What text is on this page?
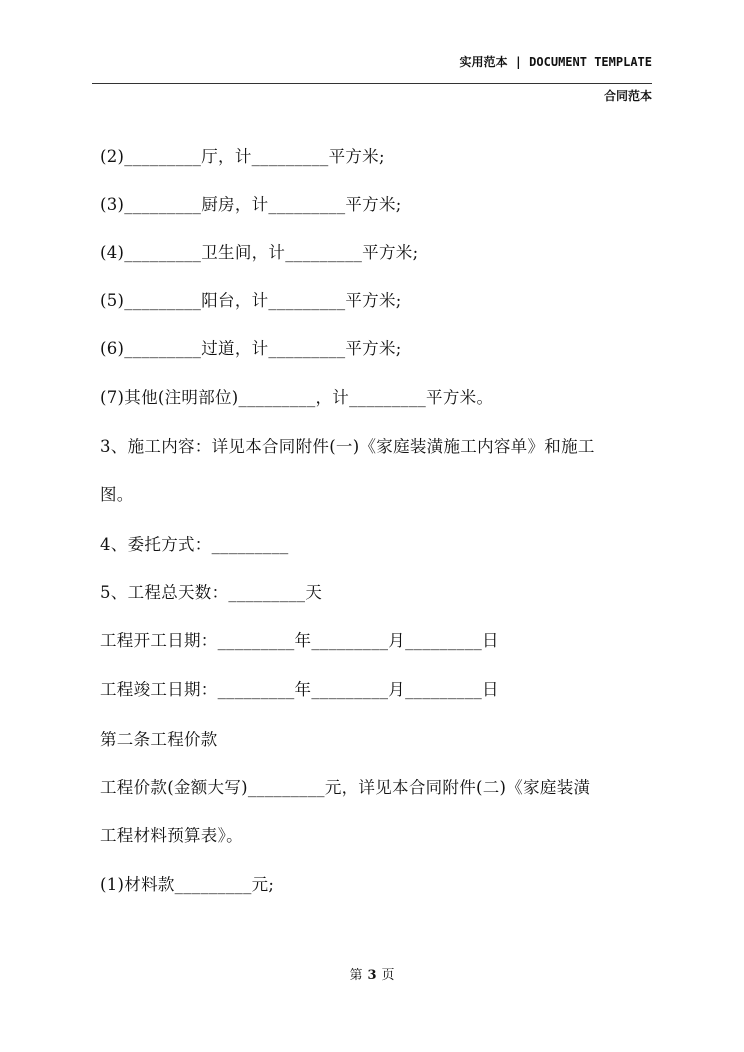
实用范本 | DOCUMENT TEMPLATE
合同范本
(2)_________厅，计_________平方米;
(3)_________厨房，计_________平方米;
(4)_________卫生间，计_________平方米;
(5)_________阳台，计_________平方米;
(6)_________过道，计_________平方米;
(7)其他(注明部位)_________，计_________平方米。
3、施工内容：详见本合同附件(一)《家庭装潢施工内容单》和施工
图。
4、委托方式：_________
5、工程总天数：_________天
工程开工日期：_________年_________月_________日
工程竣工日期：_________年_________月_________日
第二条工程价款
工程价款(金额大写)_________元，详见本合同附件(二)《家庭装潢
工程材料预算表》。
(1)材料款_________元;
第 3 页
